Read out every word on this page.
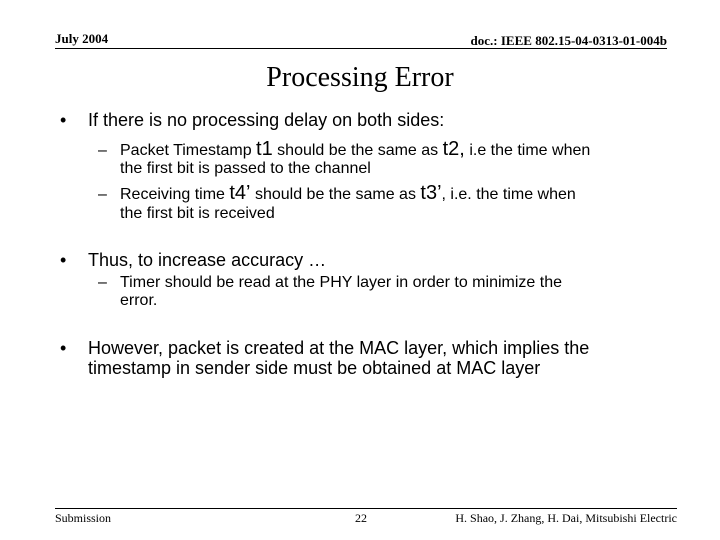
July 2004	doc.: IEEE 802.15-04-0313-01-004b
Processing Error
• If there is no processing delay on both sides:
– Packet Timestamp t1 should be the same as t2, i.e the time when
the first bit is passed to the channel
– Receiving time t4’ should be the same as t3’, i.e. the time when
the first bit is received
• Thus, to increase accuracy …
– Timer should be read at the PHY layer in order to minimize the
error.
• However, packet is created at the MAC layer, which implies the
timestamp in sender side must be obtained at MAC layer
Submission	22	H. Shao, J. Zhang, H. Dai, Mitsubishi Electric
